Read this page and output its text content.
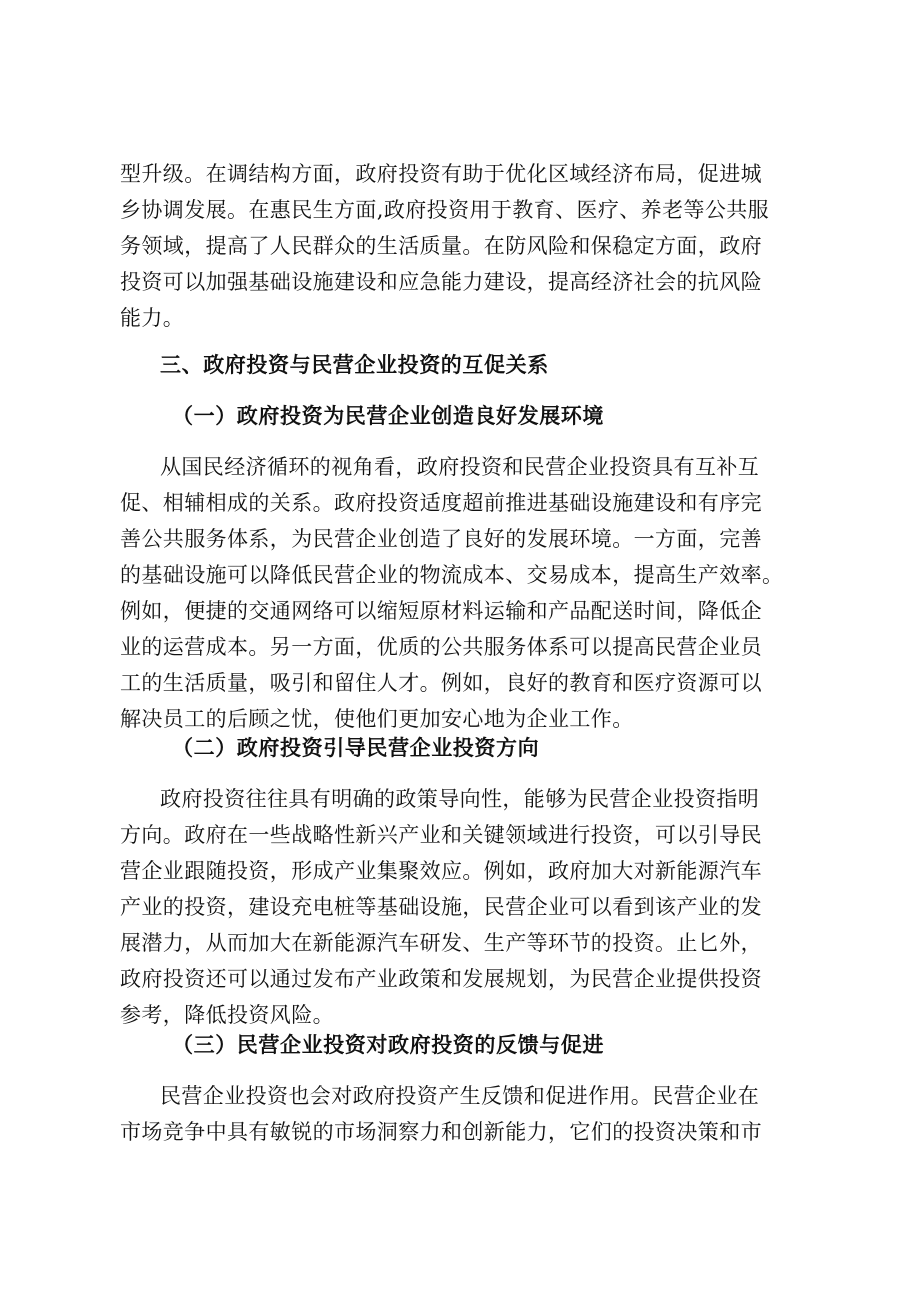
型升级。在调结构方面，政府投资有助于优化区域经济布局，促进城
乡协调发展。在惠民生方面,政府投资用于教育、医疗、养老等公共服
务领域，提高了人民群众的生活质量。在防风险和保稳定方面，政府
投资可以加强基础设施建设和应急能力建设，提高经济社会的抗风险
能力。
三、政府投资与民营企业投资的互促关系
（一）政府投资为民营企业创造良好发展环境
从国民经济循环的视角看，政府投资和民营企业投资具有互补互
促、相辅相成的关系。政府投资适度超前推进基础设施建设和有序完
善公共服务体系，为民营企业创造了良好的发展环境。一方面，完善
的基础设施可以降低民营企业的物流成本、交易成本，提高生产效率。
例如，便捷的交通网络可以缩短原材料运输和产品配送时间，降低企
业的运营成本。另一方面，优质的公共服务体系可以提高民营企业员
工的生活质量，吸引和留住人才。例如，良好的教育和医疗资源可以
解决员工的后顾之忧，使他们更加安心地为企业工作。
（二）政府投资引导民营企业投资方向
政府投资往往具有明确的政策导向性，能够为民营企业投资指明
方向。政府在一些战略性新兴产业和关键领域进行投资，可以引导民
营企业跟随投资，形成产业集聚效应。例如，政府加大对新能源汽车
产业的投资，建设充电桩等基础设施，民营企业可以看到该产业的发
展潜力，从而加大在新能源汽车研发、生产等环节的投资。止匕外，
政府投资还可以通过发布产业政策和发展规划，为民营企业提供投资
参考，降低投资风险。
（三）民营企业投资对政府投资的反馈与促进
民营企业投资也会对政府投资产生反馈和促进作用。民营企业在
市场竞争中具有敏锐的市场洞察力和创新能力，它们的投资决策和市
